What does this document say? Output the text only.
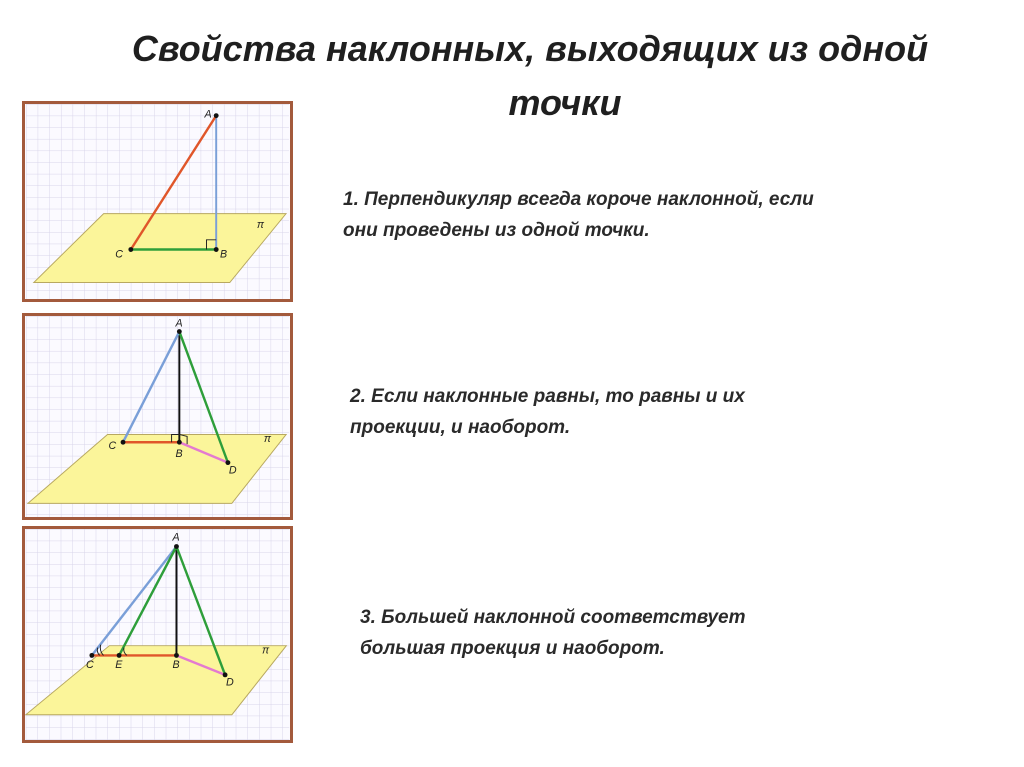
Свойства наклонных, выходящих из одной
точки
A
B
C
π
A
B
C
D
π
A
B
C E
D
π
1. Перпендикуляр всегда короче наклонной, если
они проведены из одной точки.
2. Если наклонные равны, то равны и их
проекции, и наоборот.
3. Большей наклонной соответствует
большая проекция и наоборот.
